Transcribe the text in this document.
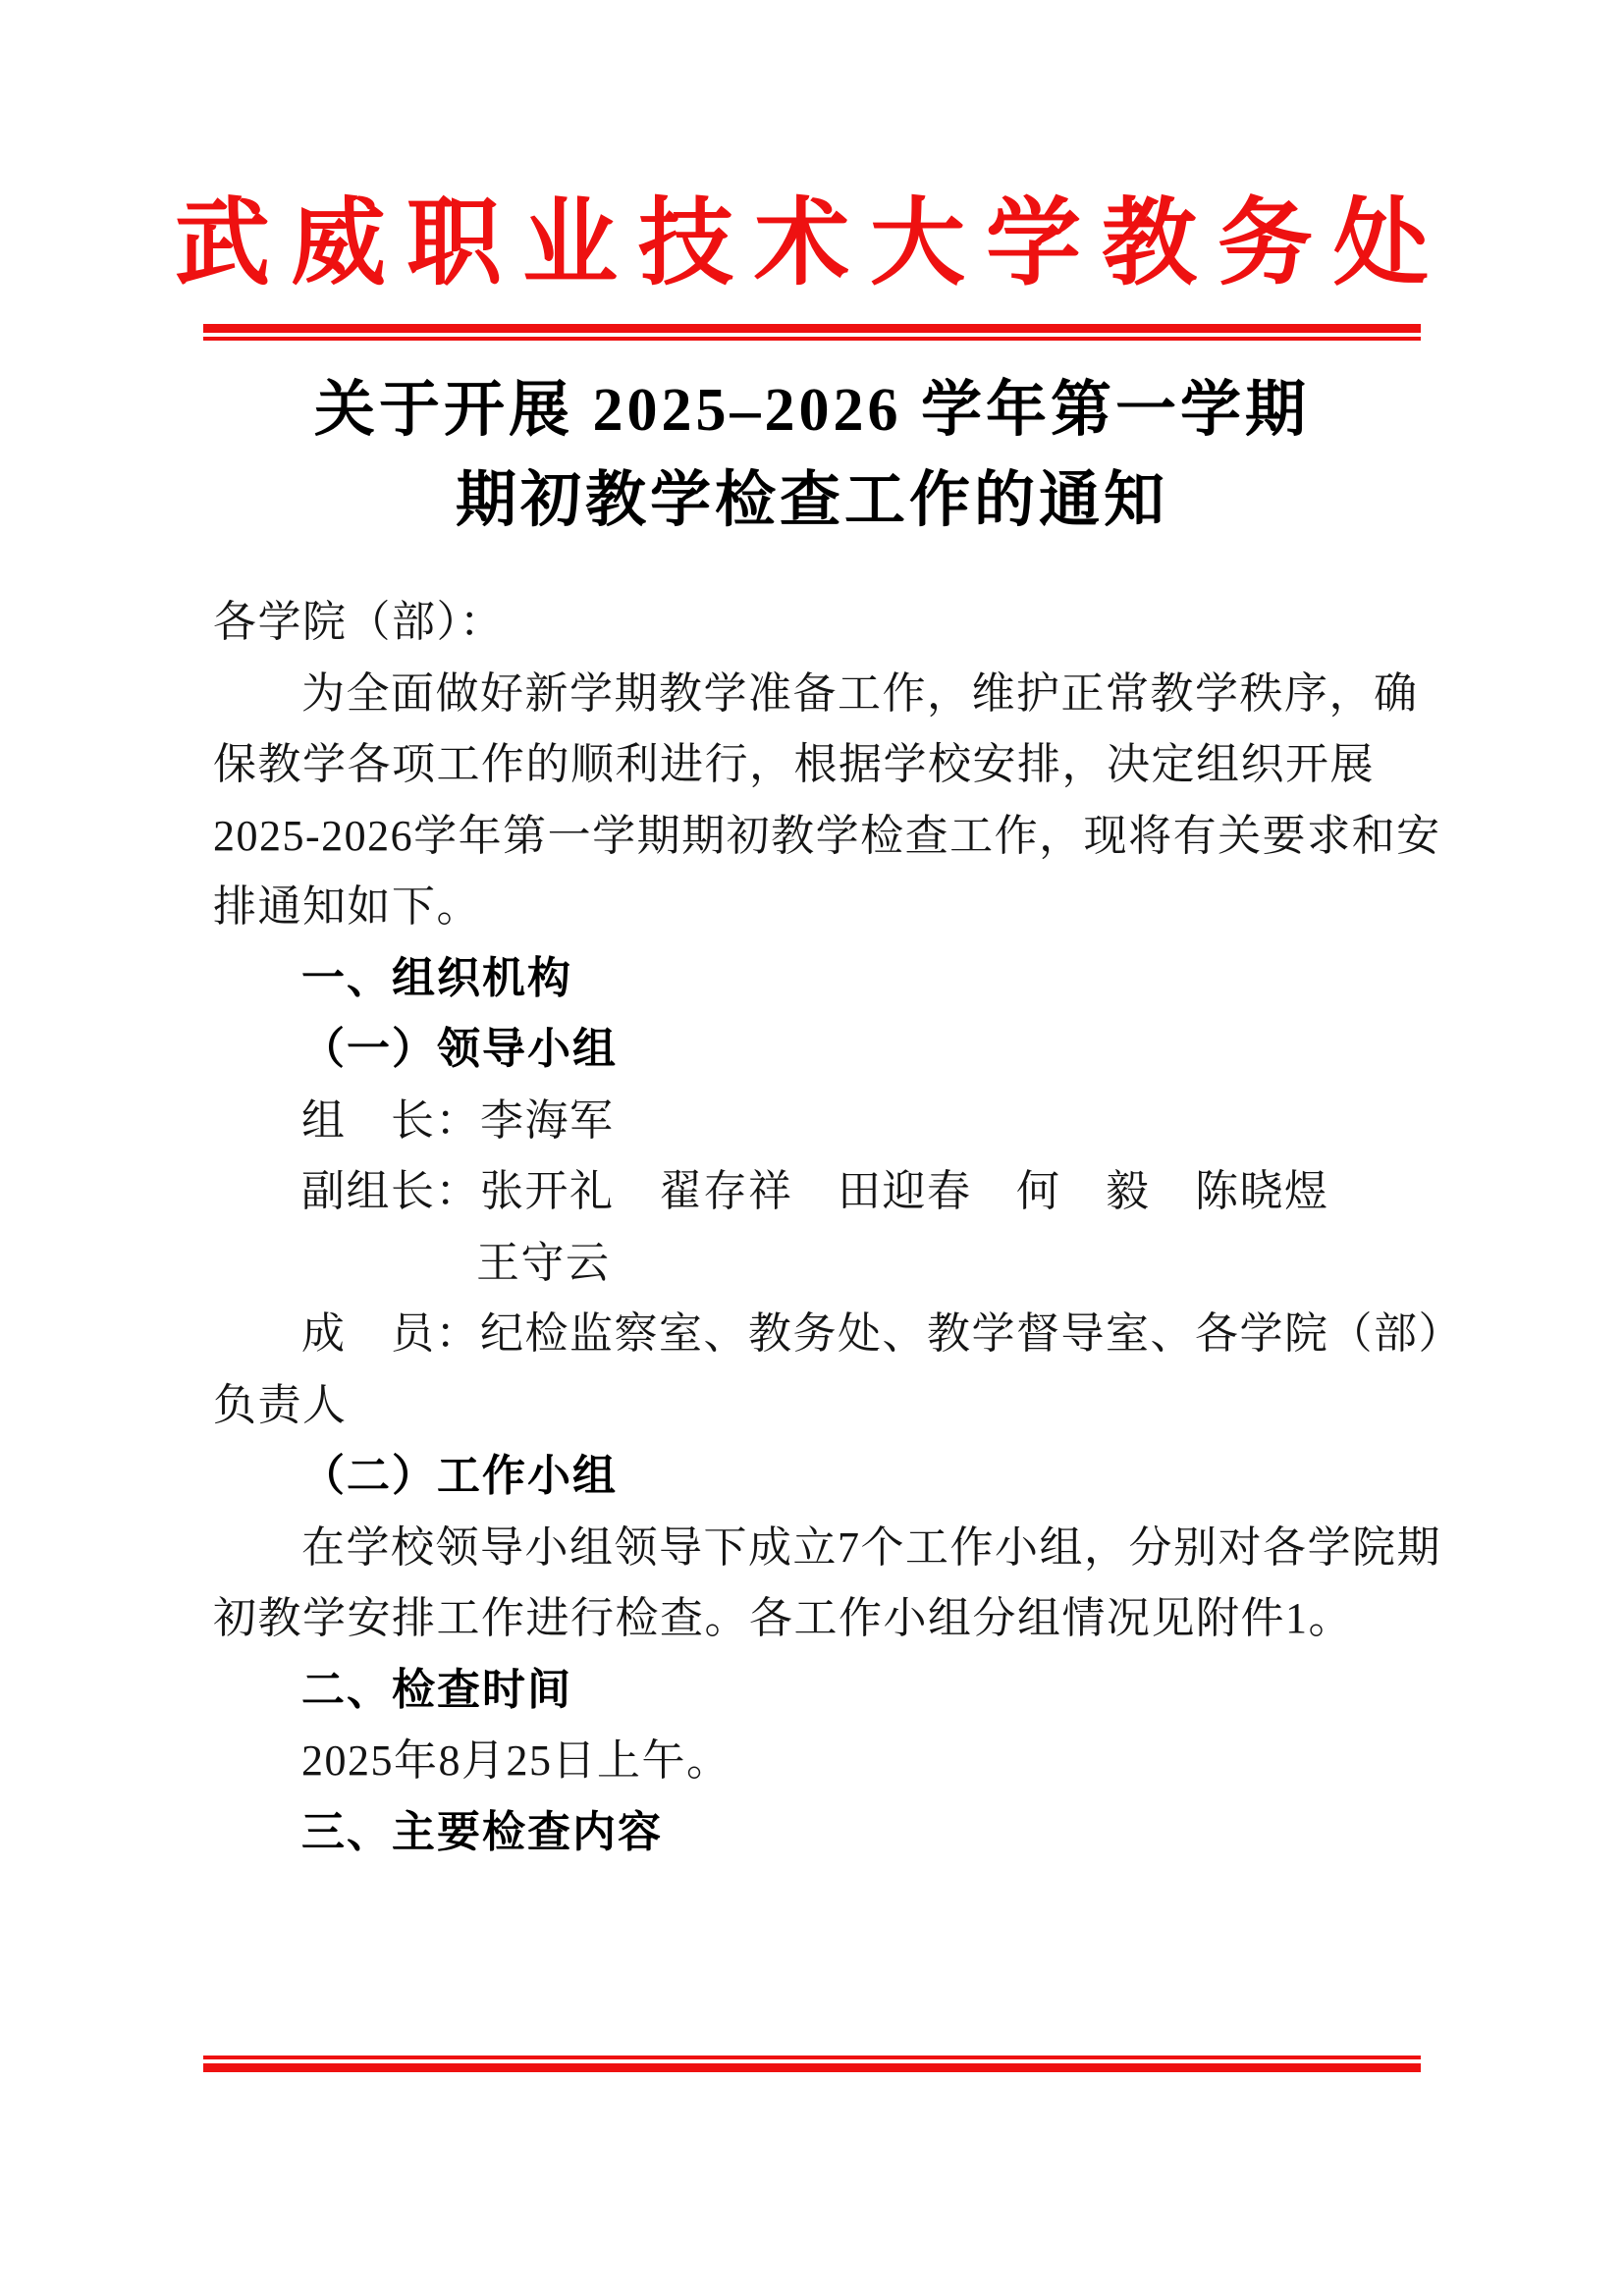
武威职业技术大学教务处
关于开展 2025–2026 学年第一学期
期初教学检查工作的通知
各学院（部）：
为全面做好新学期教学准备工作，维护正常教学秩序，确
保教学各项工作的顺利进行，根据学校安排，决定组织开展
2025-2026学年第一学期期初教学检查工作，现将有关要求和安
排通知如下。
一、组织机构
（一）领导小组
组　长：李海军
副组长：张开礼　翟存祥　田迎春　何　毅　陈晓煜
王守云
成　员：纪检监察室、教务处、教学督导室、各学院（部）
负责人
（二）工作小组
在学校领导小组领导下成立7个工作小组，分别对各学院期
初教学安排工作进行检查。各工作小组分组情况见附件1。
二、检查时间
2025年8月25日上午。
三、主要检查内容
